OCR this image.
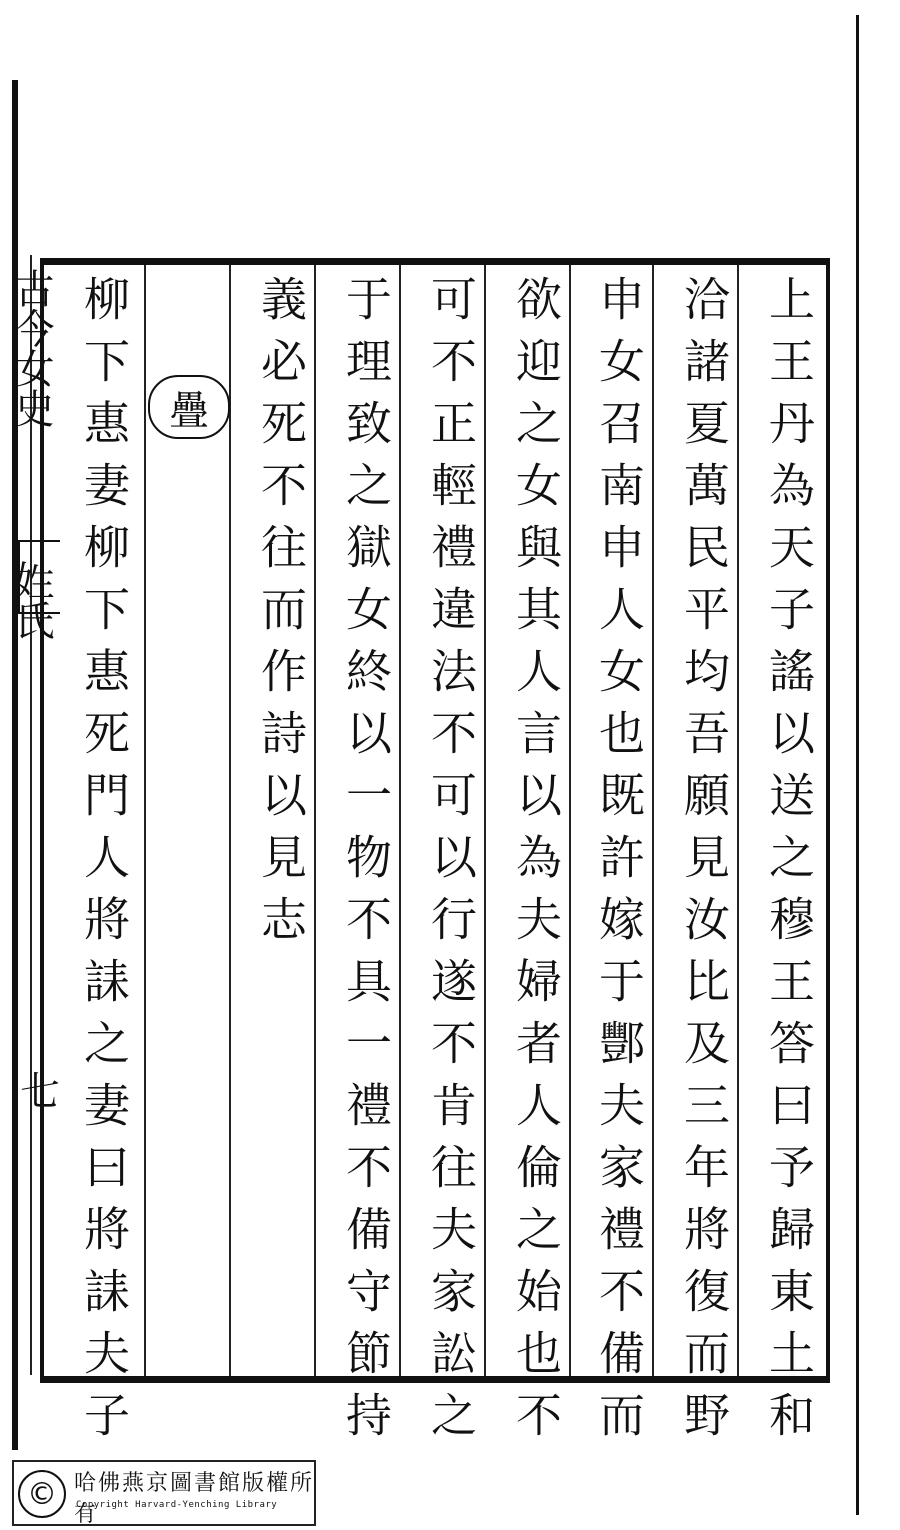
古今女史
姓氏
七	上王丹為天子謠以送之穆王答曰予歸東土和
洽諸夏萬民平均吾願見汝比及三年將復而野
申女召南申人女也既許嫁于酆夫家禮不備而
欲迎之女與其人言以為夫婦者人倫之始也不
可不正輕禮違法不可以行遂不肯往夫家訟之
于理致之獄女終以一物不具一禮不備守節持
義必死不往而作詩以見志
柳下惠妻柳下惠死門人將誄之妻曰將誄夫子 疊
© 哈佛燕京圖書館版權所有
Copyright Harvard-Yenching Library
